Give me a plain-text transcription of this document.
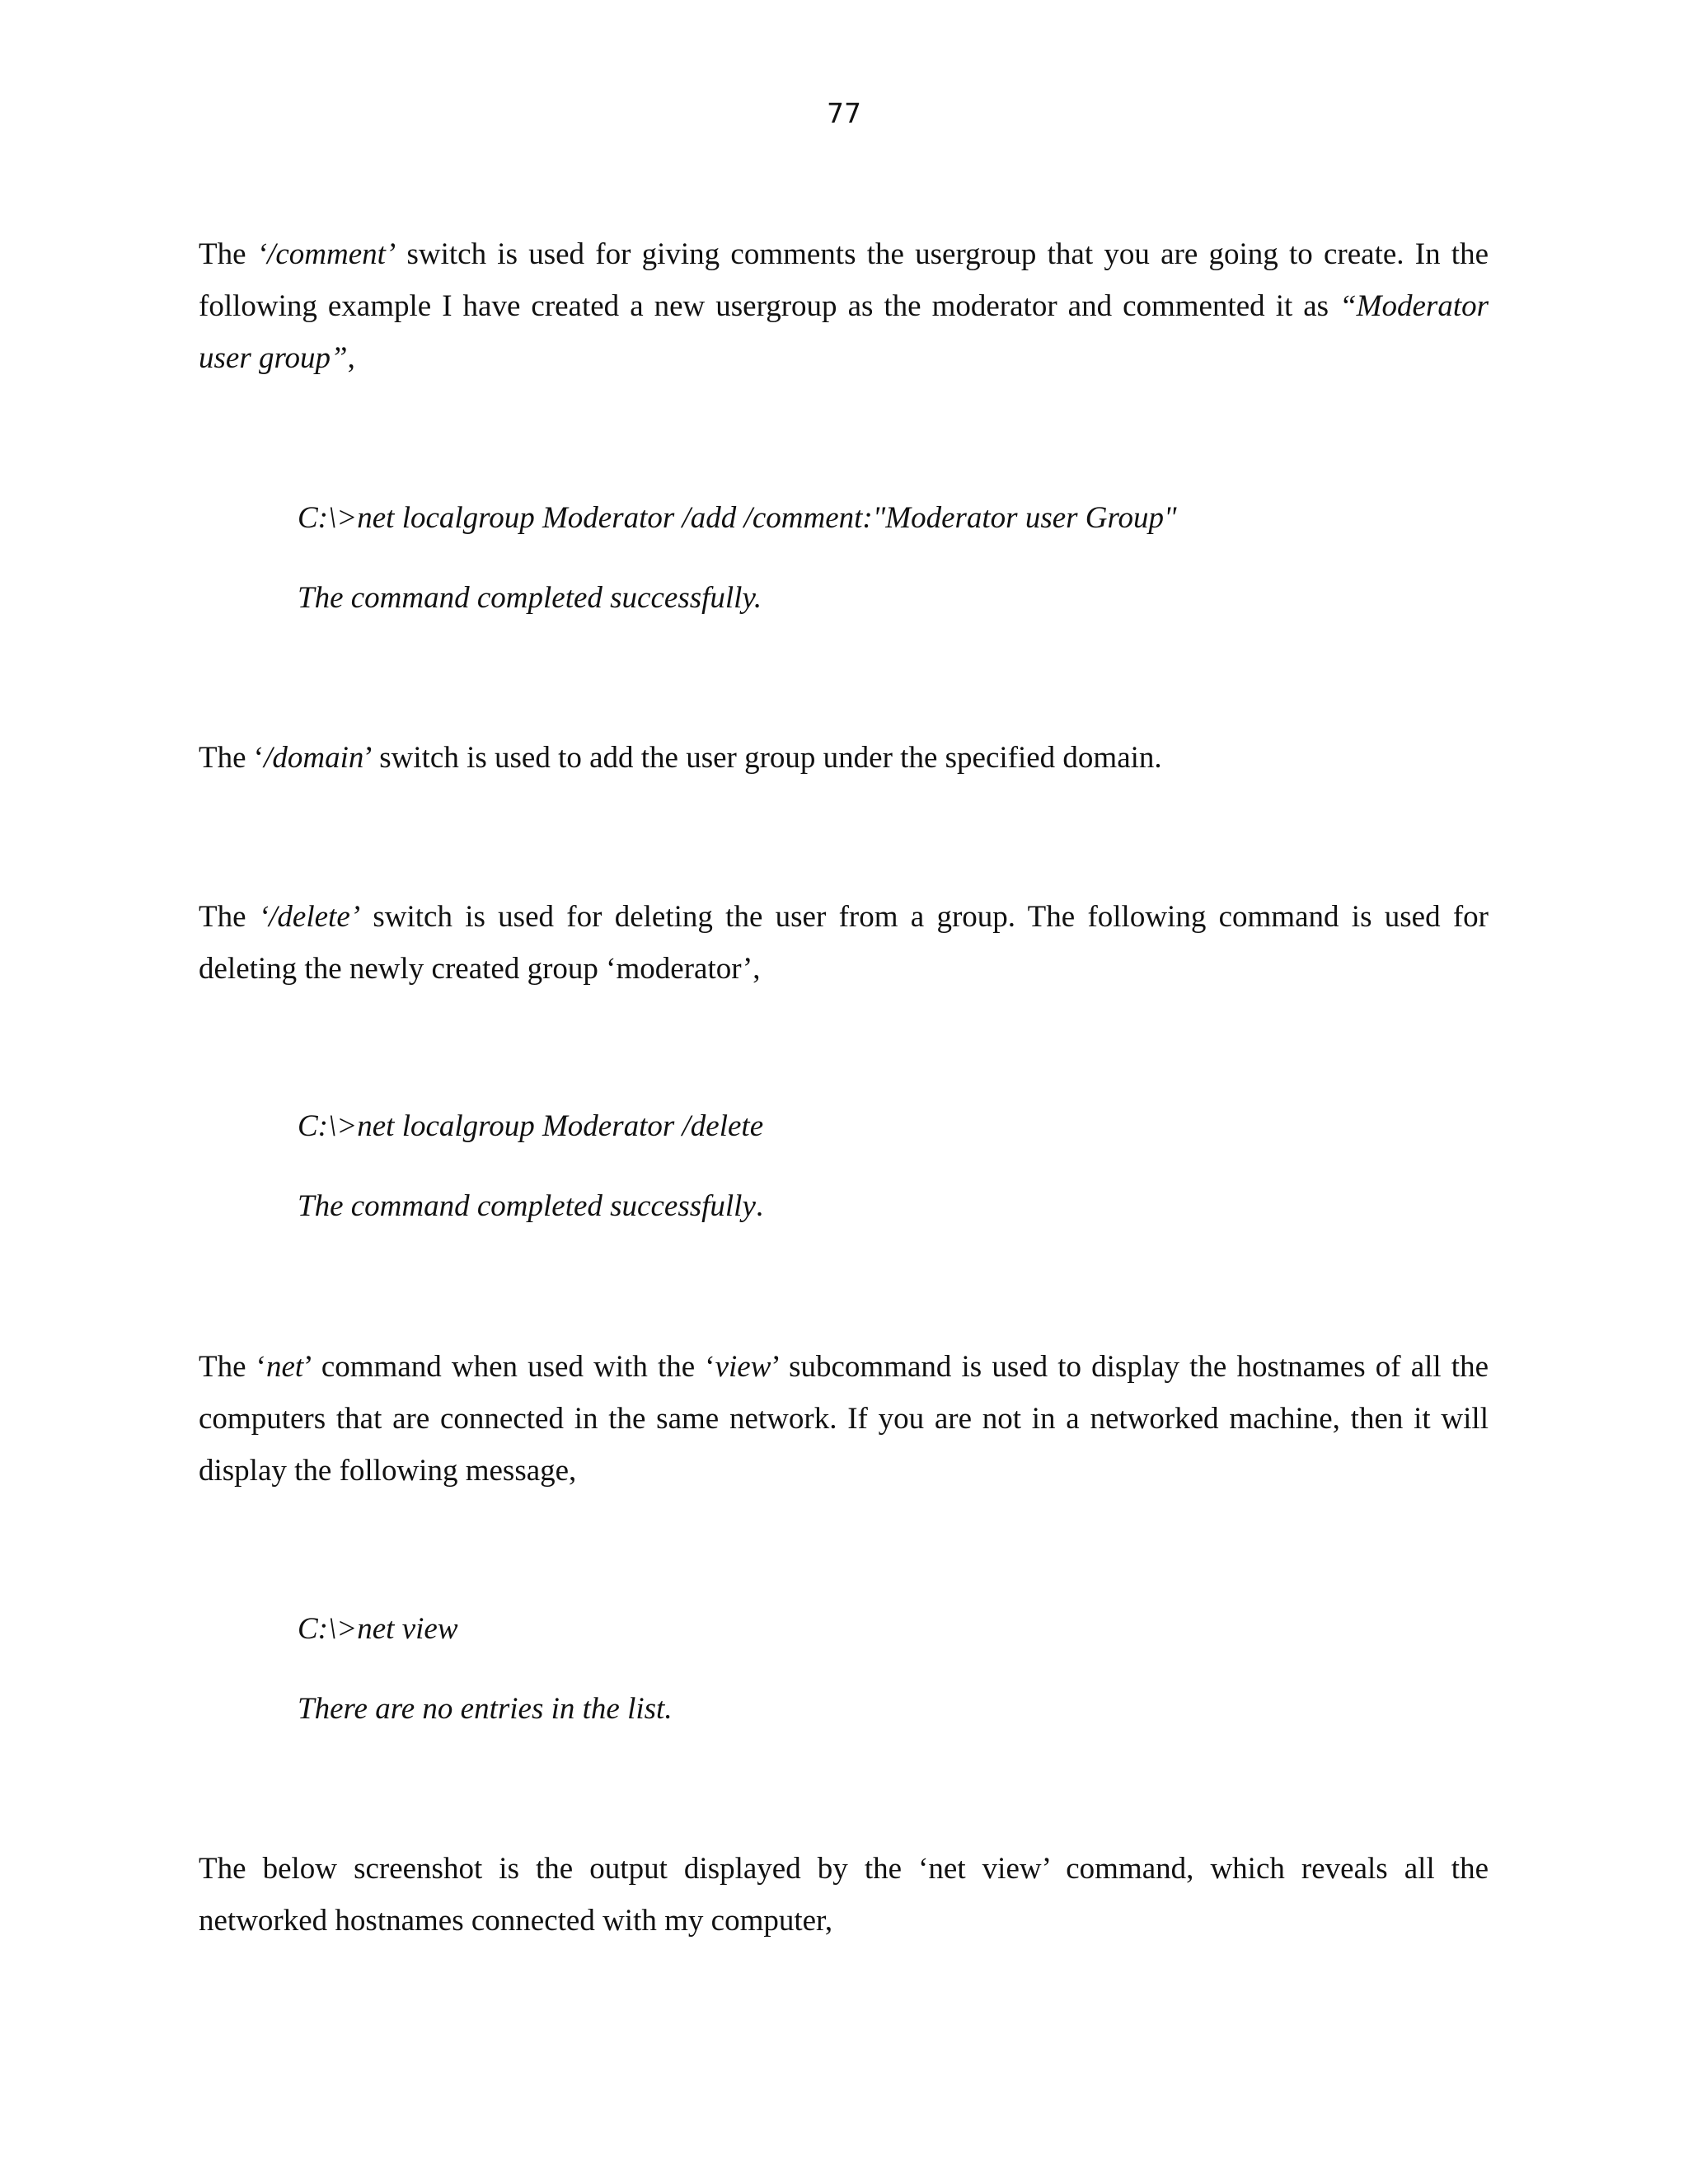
77

The ‘/comment’ switch is used for giving comments the usergroup that you are going to create. In the following example I have created a new usergroup as the moderator and commented it as “Moderator user group”,

C:\>net localgroup Moderator /add /comment:"Moderator user Group"

The command completed successfully.

The ‘/domain’ switch is used to add the user group under the specified domain.

The ‘/delete’ switch is used for deleting the user from a group. The following command is used for deleting the newly created group ‘moderator’,

C:\>net localgroup Moderator /delete

The command completed successfully.

The ‘net’ command when used with the ‘view’ subcommand is used to display the hostnames of all the computers that are connected in the same network. If you are not in a networked machine, then it will display the following message,

C:\>net view

There are no entries in the list.

The below screenshot is the output displayed by the ‘net view’ command, which reveals all the networked hostnames connected with my computer,
